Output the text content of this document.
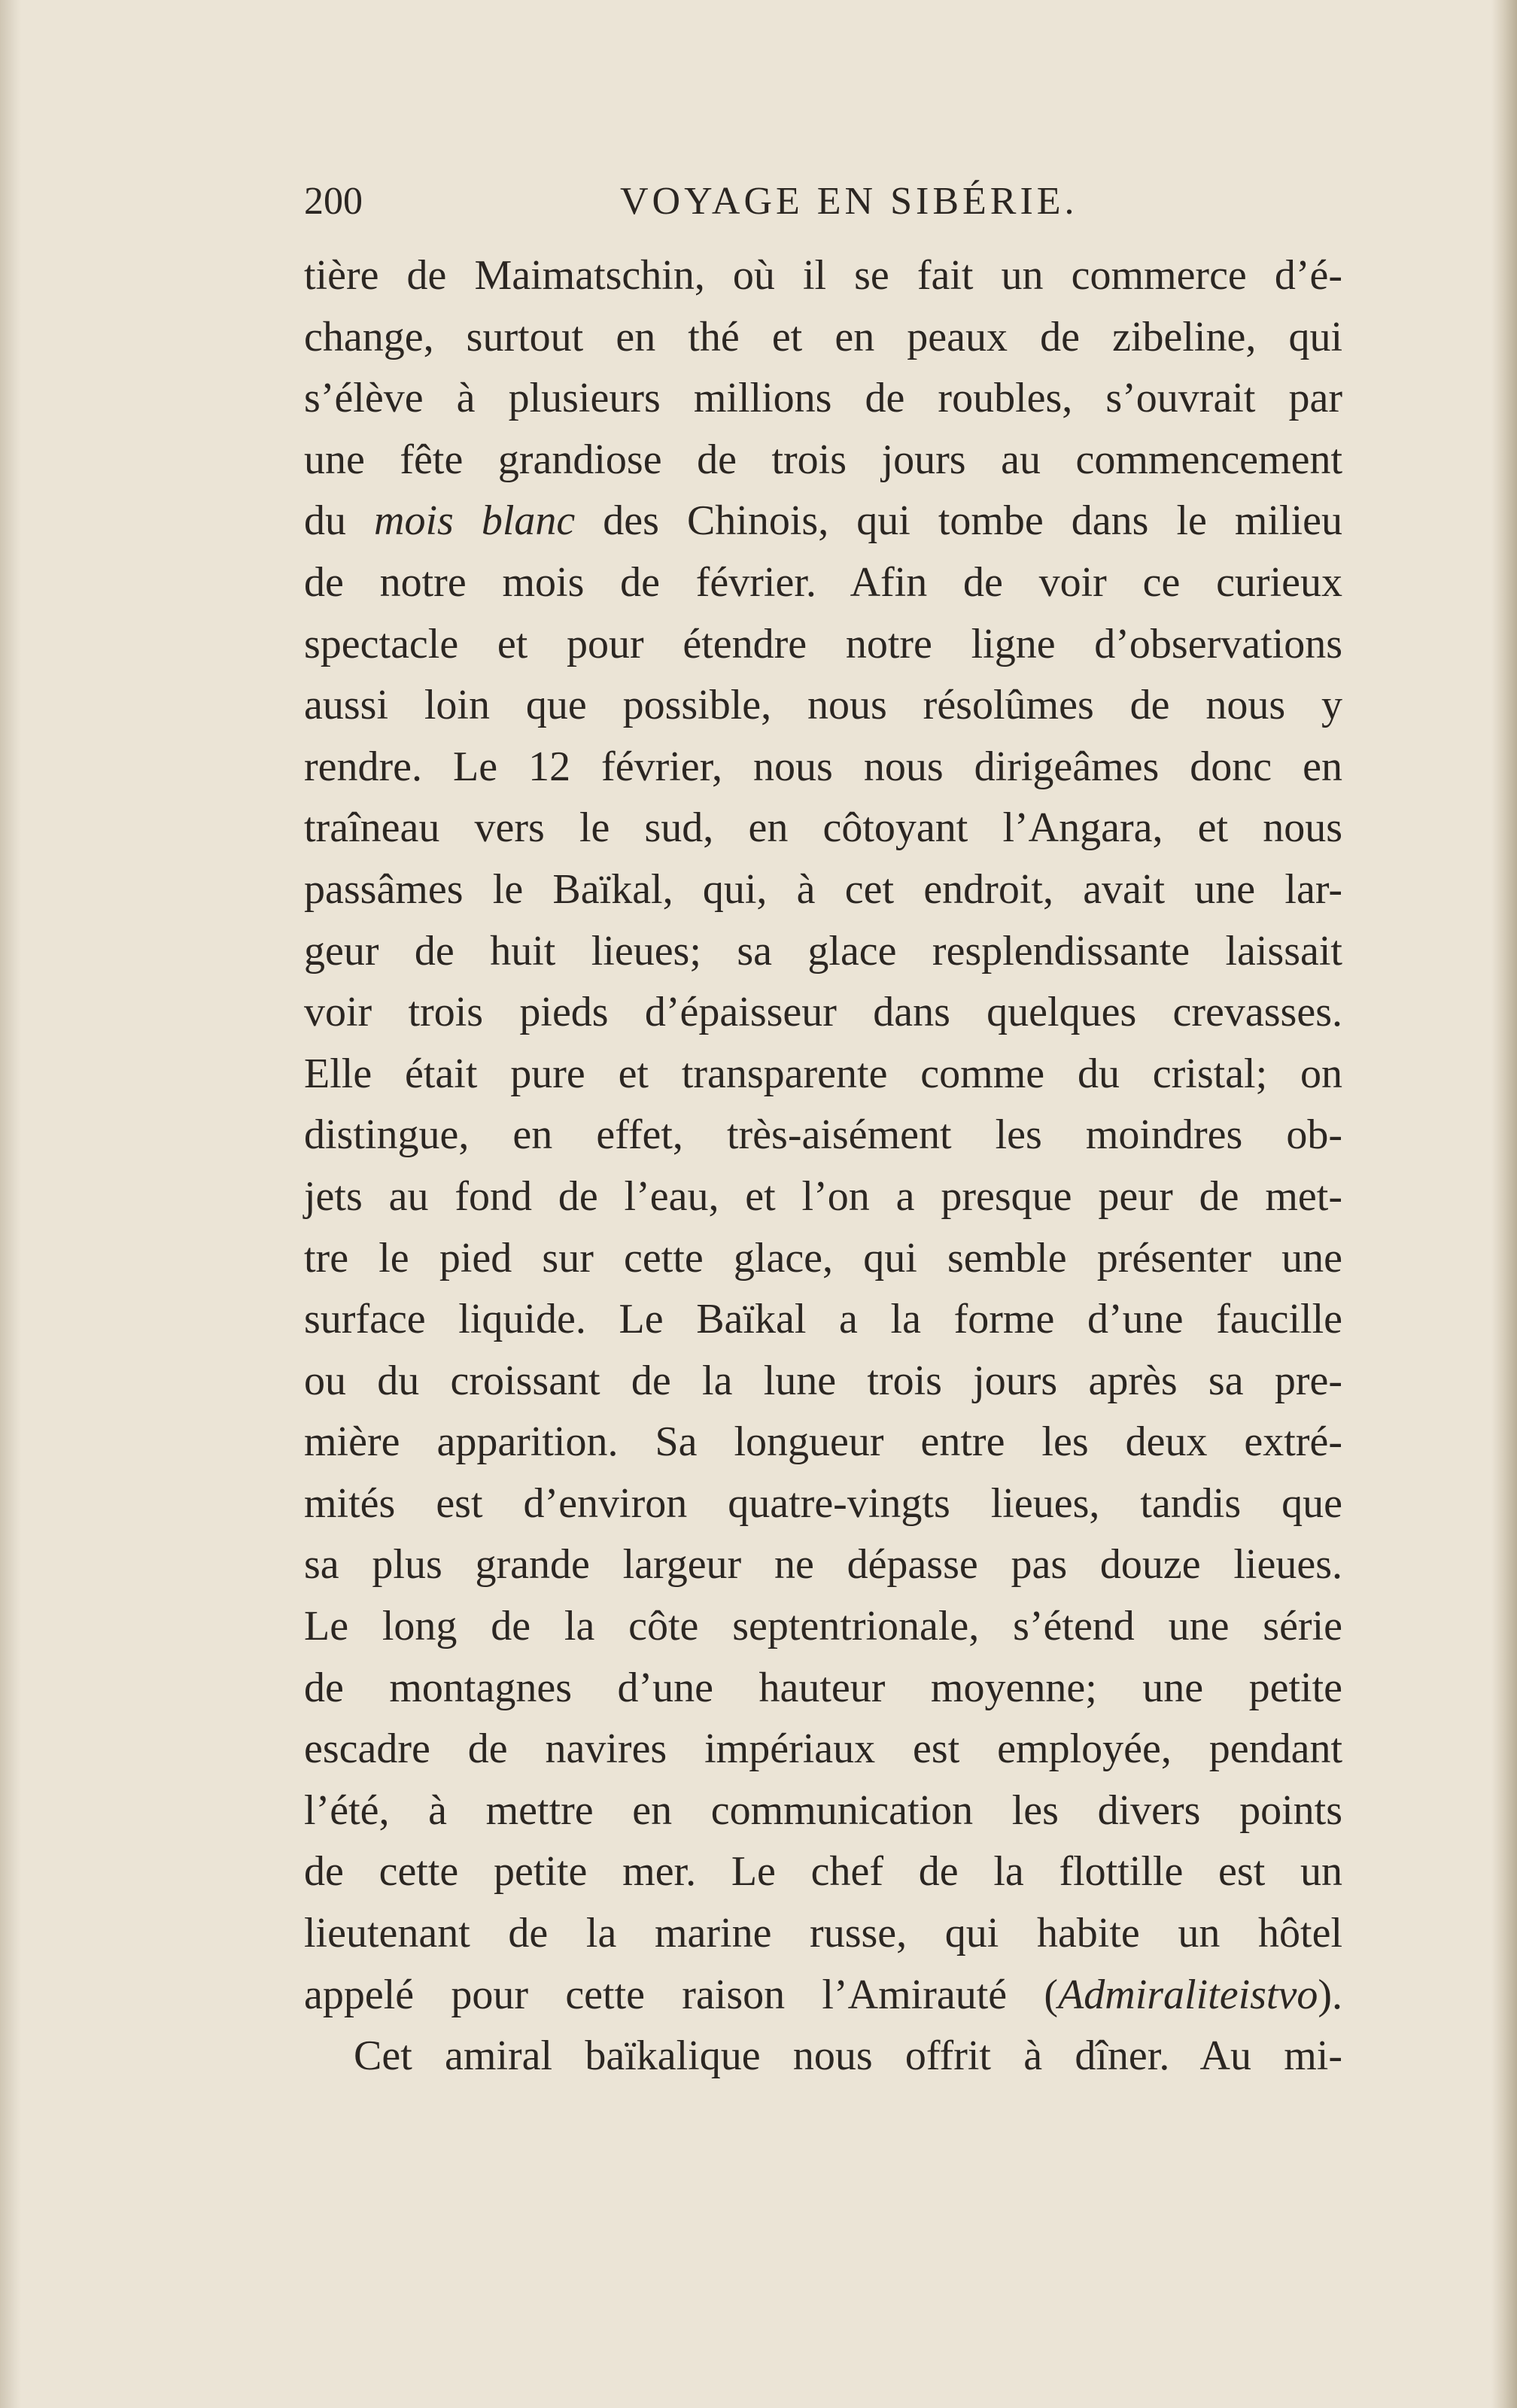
200	VOYAGE EN SIBÉRIE.
tière de Maimatschin, où il se fait un commerce d’é-
change, surtout en thé et en peaux de zibeline, qui
s’élève à plusieurs millions de roubles, s’ouvrait par
une fête grandiose de trois jours au commencement
du mois blanc des Chinois, qui tombe dans le milieu
de notre mois de février. Afin de voir ce curieux
spectacle et pour étendre notre ligne d’observations
aussi loin que possible, nous résolûmes de nous y
rendre. Le 12 février, nous nous dirigeâmes donc en
traîneau vers le sud, en côtoyant l’Angara, et nous
passâmes le Baïkal, qui, à cet endroit, avait une lar-
geur de huit lieues; sa glace resplendissante laissait
voir trois pieds d’épaisseur dans quelques crevasses.
Elle était pure et transparente comme du cristal; on
distingue, en effet, très-aisément les moindres ob-
jets au fond de l’eau, et l’on a presque peur de met-
tre le pied sur cette glace, qui semble présenter une
surface liquide. Le Baïkal a la forme d’une faucille
ou du croissant de la lune trois jours après sa pre-
mière apparition. Sa longueur entre les deux extré-
mités est d’environ quatre-vingts lieues, tandis que
sa plus grande largeur ne dépasse pas douze lieues.
Le long de la côte septentrionale, s’étend une série
de montagnes d’une hauteur moyenne; une petite
escadre de navires impériaux est employée, pendant
l’été, à mettre en communication les divers points
de cette petite mer. Le chef de la flottille est un
lieutenant de la marine russe, qui habite un hôtel
appelé pour cette raison l’Amirauté (Admiraliteistvo).
Cet amiral baïkalique nous offrit à dîner. Au mi-
